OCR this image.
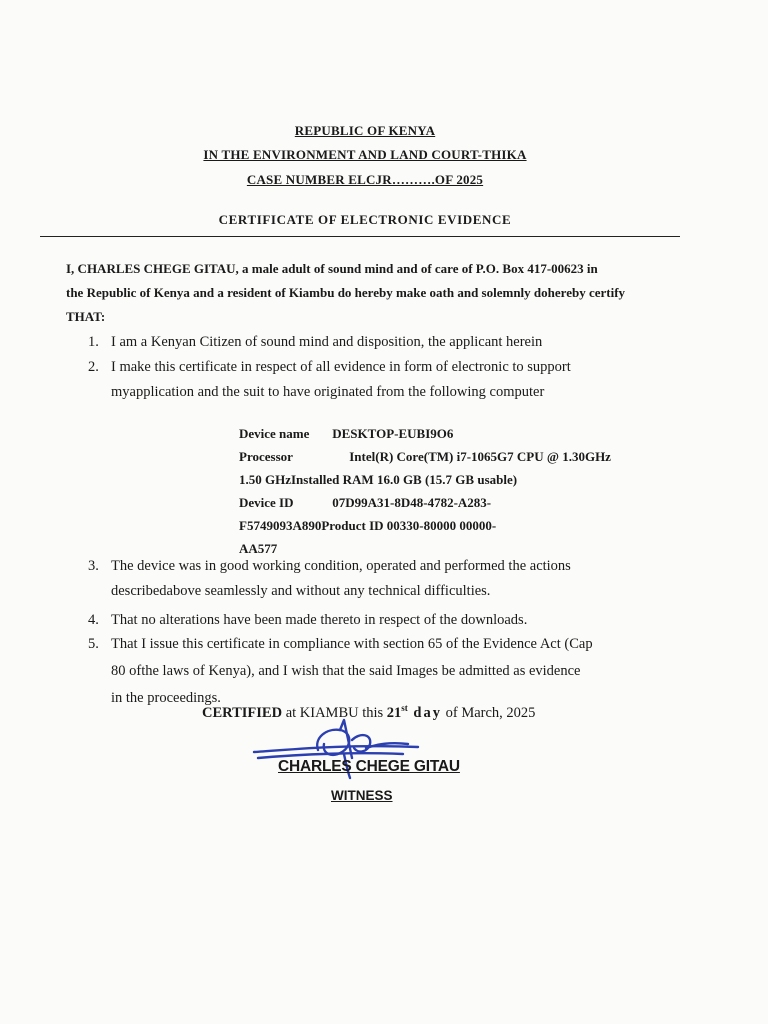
REPUBLIC OF KENYA
IN THE ENVIRONMENT AND LAND COURT-THIKA
CASE NUMBER ELCJR……….OF 2025
CERTIFICATE OF ELECTRONIC EVIDENCE
I, CHARLES CHEGE GITAU, a male adult of sound mind and of care of P.O. Box 417-00623 in
the Republic of Kenya and a resident of Kiambu do hereby make oath and solemnly dohereby certify
THAT:
1. I am a Kenyan Citizen of sound mind and disposition, the applicant herein
2. I make this certificate in respect of all evidence in form of electronic to support
myapplication and the suit to have originated from the following computer
Device name DESKTOP-EUBI9O6
Processor	Intel(R) Core(TM) i7-1065G7 CPU @ 1.30GHz
1.50 GHzInstalled RAM 16.0 GB (15.7 GB usable)
Device ID	07D99A31-8D48-4782-A283-
F5749093A890Product ID 00330-80000 00000-
AA577
3. The device was in good working condition, operated and performed the actions
describedabove seamlessly and without any technical difficulties.
4. That no alterations have been made thereto in respect of the downloads.
5. That I issue this certificate in compliance with section 65 of the Evidence Act (Cap
80 ofthe laws of Kenya), and I wish that the said Images be admitted as evidence
in the proceedings.
CERTIFIED at KIAMBU this 21st day of March, 2025
CHARLES CHEGE GITAU
WITNESS
